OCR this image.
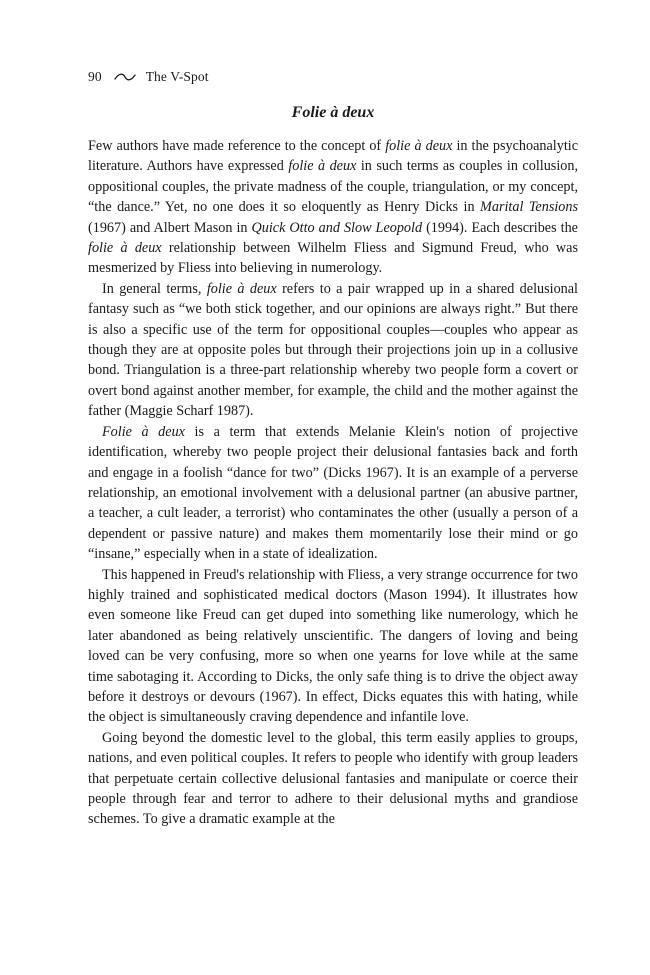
90	The V-Spot
Folie à deux

Few authors have made reference to the concept of folie à deux in the psychoanalytic literature. Authors have expressed folie à deux in such terms as couples in collusion, oppositional couples, the private madness of the couple, triangulation, or my concept, “the dance.” Yet, no one does it so eloquently as Henry Dicks in Marital Tensions (1967) and Albert Mason in Quick Otto and Slow Leopold (1994). Each describes the folie à deux relationship between Wilhelm Fliess and Sigmund Freud, who was mesmerized by Fliess into believing in numerology.

In general terms, folie à deux refers to a pair wrapped up in a shared delusional fantasy such as “we both stick together, and our opinions are always right.” But there is also a specific use of the term for oppositional couples—couples who appear as though they are at opposite poles but through their projections join up in a collusive bond. Triangulation is a three-part relationship whereby two people form a covert or overt bond against another member, for example, the child and the mother against the father (Maggie Scharf 1987).

Folie à deux is a term that extends Melanie Klein's notion of projective identification, whereby two people project their delusional fantasies back and forth and engage in a foolish “dance for two” (Dicks 1967). It is an example of a perverse relationship, an emotional involvement with a delusional partner (an abusive partner, a teacher, a cult leader, a terrorist) who contaminates the other (usually a person of a dependent or passive nature) and makes them momentarily lose their mind or go “insane,” especially when in a state of idealization.

This happened in Freud's relationship with Fliess, a very strange occurrence for two highly trained and sophisticated medical doctors (Mason 1994). It illustrates how even someone like Freud can get duped into something like numerology, which he later abandoned as being relatively unscientific. The dangers of loving and being loved can be very confusing, more so when one yearns for love while at the same time sabotaging it. According to Dicks, the only safe thing is to drive the object away before it destroys or devours (1967). In effect, Dicks equates this with hating, while the object is simultaneously craving dependence and infantile love.

Going beyond the domestic level to the global, this term easily applies to groups, nations, and even political couples. It refers to people who identify with group leaders that perpetuate certain collective delusional fantasies and manipulate or coerce their people through fear and terror to adhere to their delusional myths and grandiose schemes. To give a dramatic example at the
